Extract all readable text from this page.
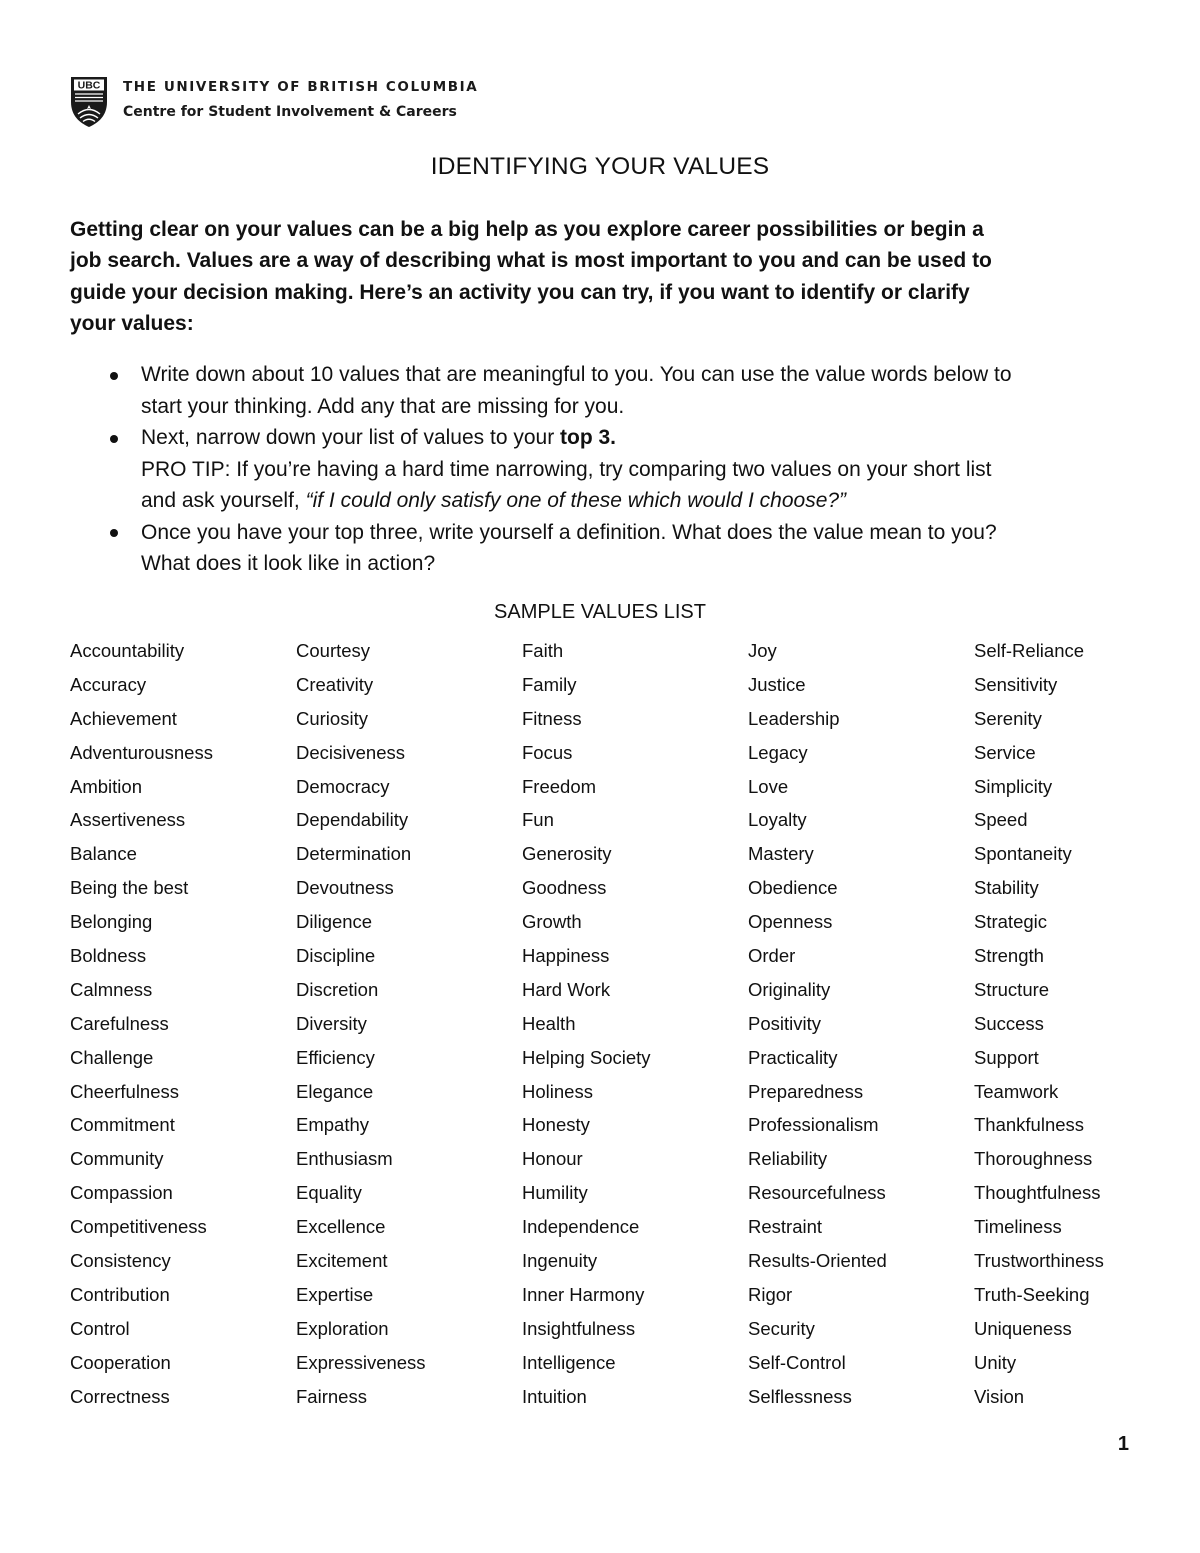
UBC THE UNIVERSITY OF BRITISH COLUMBIA
Centre for Student Involvement & Careers
IDENTIFYING YOUR VALUES

Getting clear on your values can be a big help as you explore career possibilities or begin a
job search. Values are a way of describing what is most important to you and can be used to
guide your decision making. Here’s an activity you can try, if you want to identify or clarify
your values:

Write down about 10 values that are meaningful to you. You can use the value words below to
start your thinking. Add any that are missing for you.
Next, narrow down your list of values to your top 3.
PRO TIP: If you’re having a hard time narrowing, try comparing two values on your short list
and ask yourself, “if I could only satisfy one of these which would I choose?”
Once you have your top three, write yourself a definition. What does the value mean to you?
What does it look like in action?
SAMPLE VALUES LIST
Accountability
Accuracy
Achievement
Adventurousness
Ambition
Assertiveness
Balance
Being the best
Belonging
Boldness
Calmness
Carefulness
Challenge
Cheerfulness
Commitment
Community
Compassion
Competitiveness
Consistency
Contribution
Control
Cooperation
Correctness
Courtesy
Creativity
Curiosity
Decisiveness
Democracy
Dependability
Determination
Devoutness
Diligence
Discipline
Discretion
Diversity
Efficiency
Elegance
Empathy
Enthusiasm
Equality
Excellence
Excitement
Expertise
Exploration
Expressiveness
Fairness
Faith
Family
Fitness
Focus
Freedom
Fun
Generosity
Goodness
Growth
Happiness
Hard Work
Health
Helping Society
Holiness
Honesty
Honour
Humility
Independence
Ingenuity
Inner Harmony
Insightfulness
Intelligence
Intuition
Joy
Justice
Leadership
Legacy
Love
Loyalty
Mastery
Obedience
Openness
Order
Originality
Positivity
Practicality
Preparedness
Professionalism
Reliability
Resourcefulness
Restraint
Results-Oriented
Rigor
Security
Self-Control
Selflessness
Self-Reliance
Sensitivity
Serenity
Service
Simplicity
Speed
Spontaneity
Stability
Strategic
Strength
Structure
Success
Support
Teamwork
Thankfulness
Thoroughness
Thoughtfulness
Timeliness
Trustworthiness
Truth-Seeking
Uniqueness
Unity
Vision
1
